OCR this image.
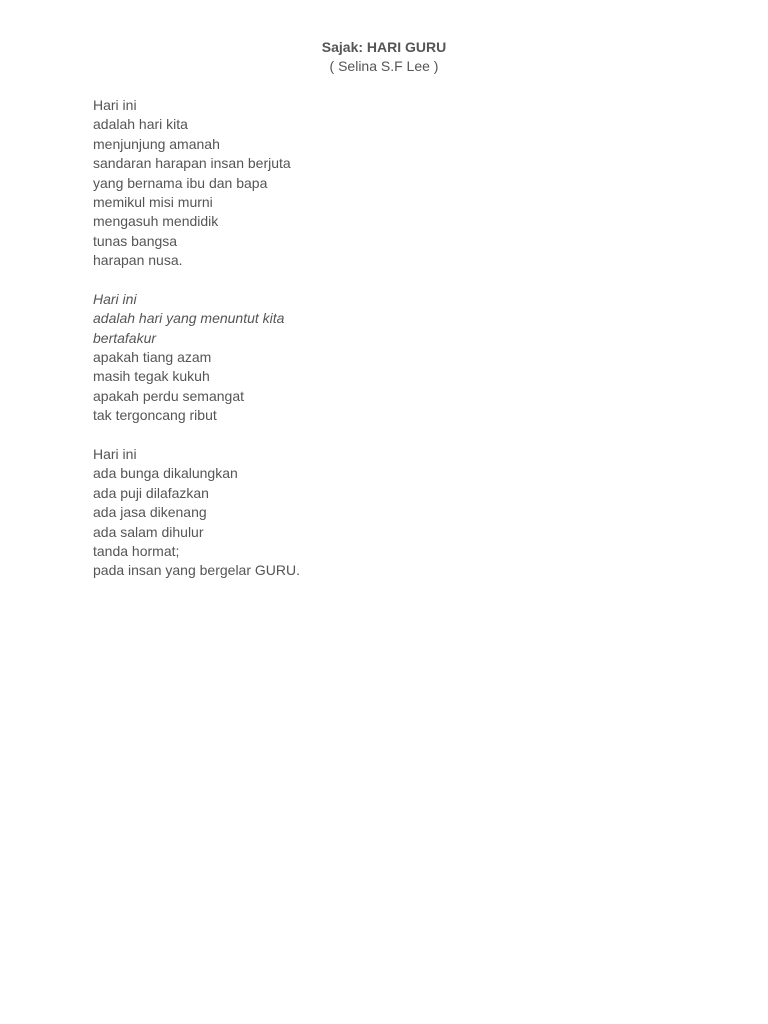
Sajak: HARI GURU
( Selina S.F Lee )
Hari ini
adalah hari kita
menjunjung amanah
sandaran harapan insan berjuta
yang bernama ibu dan bapa
memikul misi murni
mengasuh mendidik
tunas bangsa
harapan nusa.
Hari ini
adalah hari yang menuntut kita
bertafakur
apakah tiang azam
masih tegak kukuh
apakah perdu semangat
tak tergoncang ribut
Hari ini
ada bunga dikalungkan
ada puji dilafazkan
ada jasa dikenang
ada salam dihulur
tanda hormat;
pada insan yang bergelar GURU.
